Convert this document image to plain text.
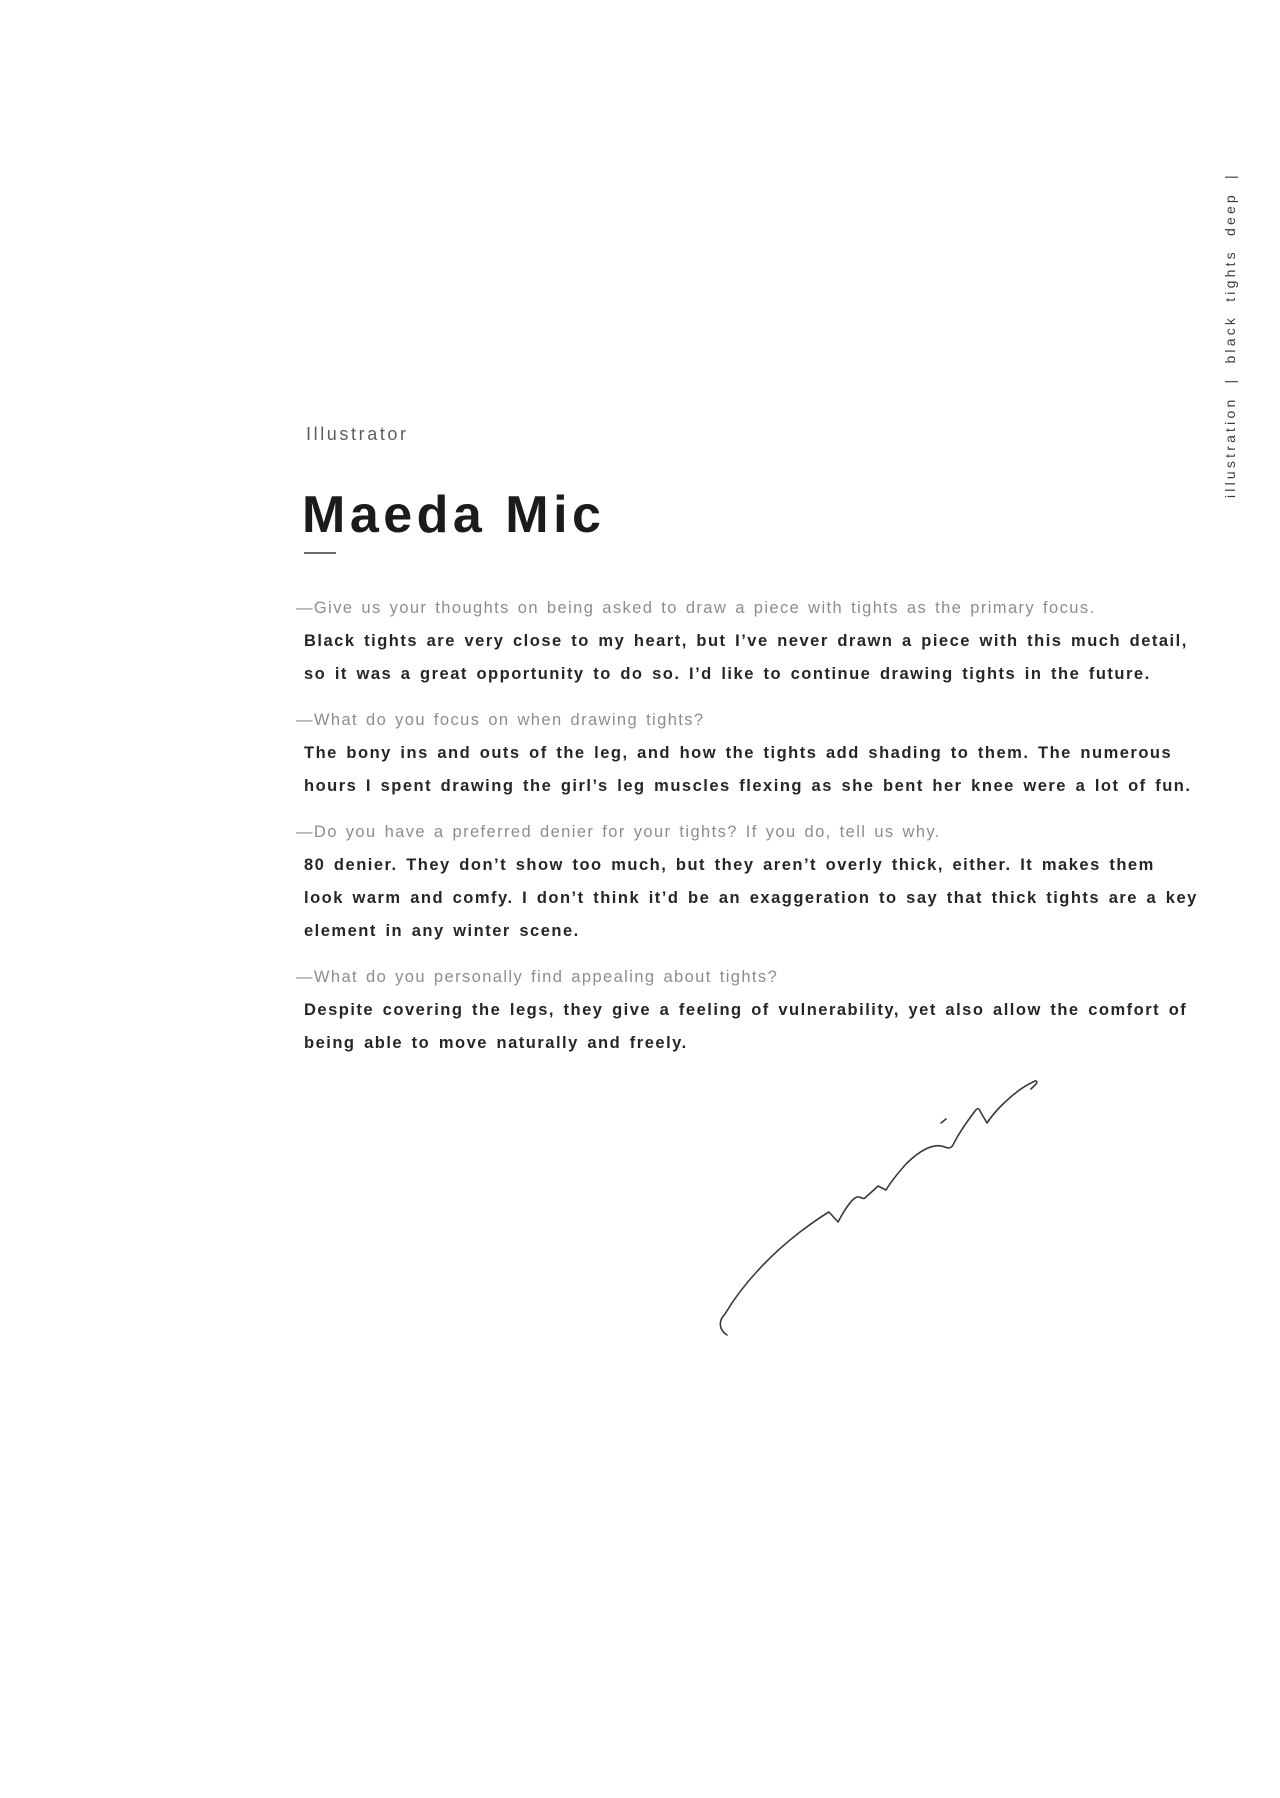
illustration | black tights deep |
Illustrator
Maeda Mic
—Give us your thoughts on being asked to draw a piece with tights as the primary focus.
Black tights are very close to my heart, but I’ve never drawn a piece with this much detail,
so it was a great opportunity to do so. I’d like to continue drawing tights in the future.
—What do you focus on when drawing tights?
The bony ins and outs of the leg, and how the tights add shading to them. The numerous
hours I spent drawing the girl’s leg muscles flexing as she bent her knee were a lot of fun.
—Do you have a preferred denier for your tights? If you do, tell us why.
80 denier. They don’t show too much, but they aren’t overly thick, either. It makes them
look warm and comfy. I don’t think it’d be an exaggeration to say that thick tights are a key
element in any winter scene.
—What do you personally find appealing about tights?
Despite covering the legs, they give a feeling of vulnerability, yet also allow the comfort of
being able to move naturally and freely.
